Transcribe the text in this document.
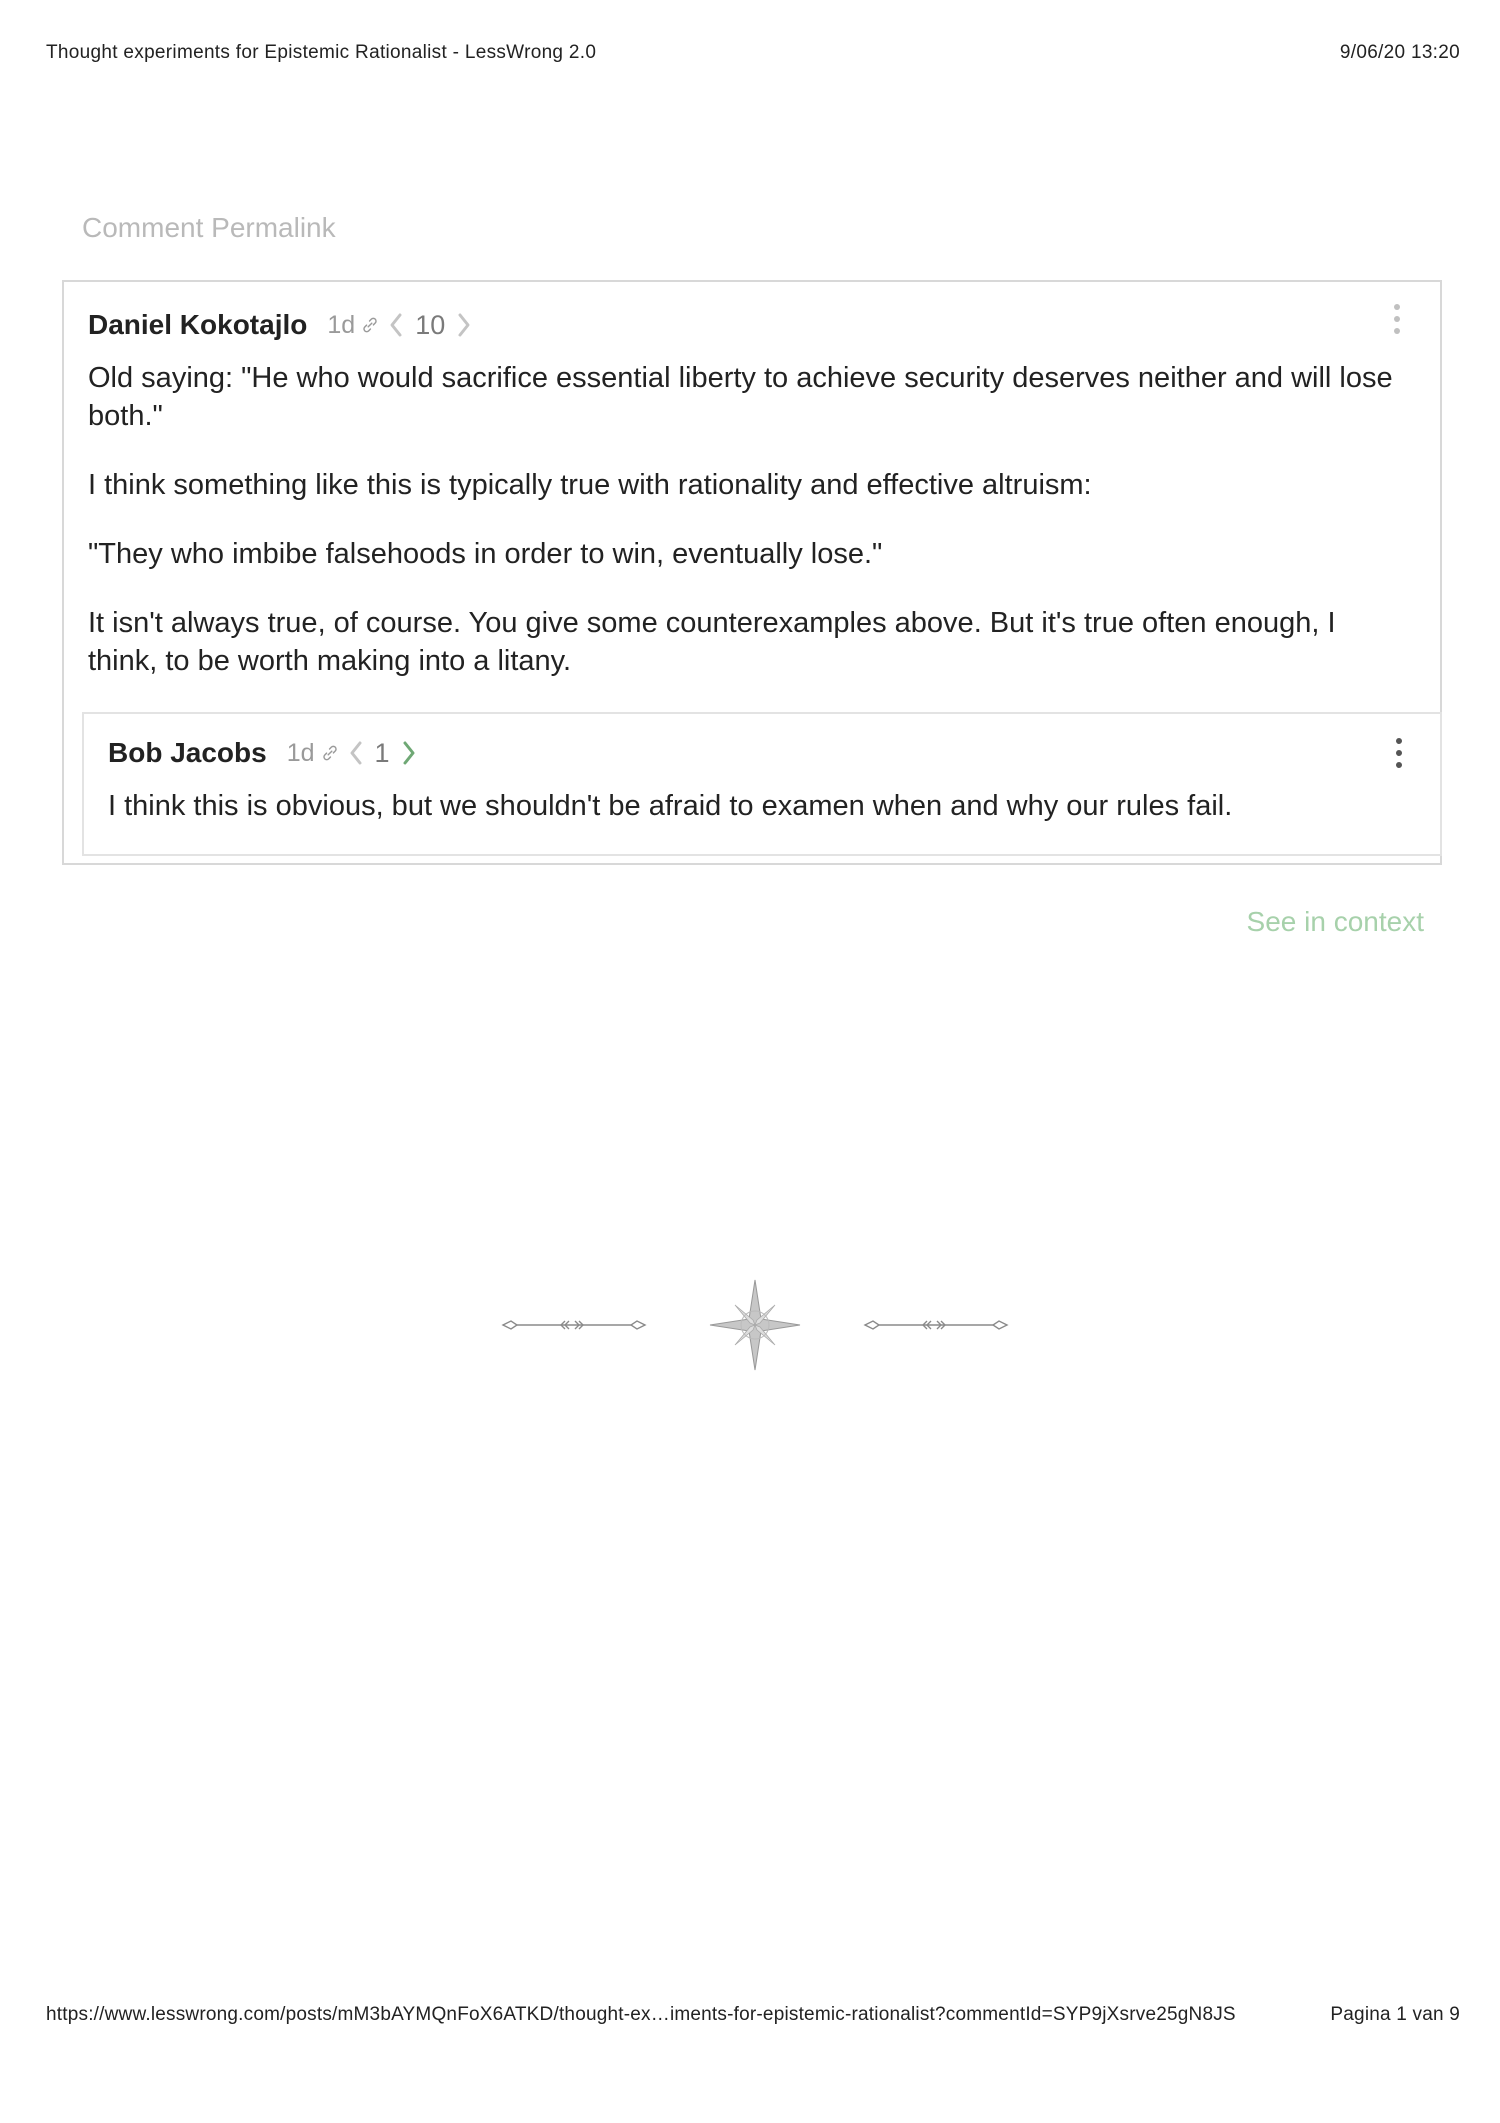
Thought experiments for Epistemic Rationalist - LessWrong 2.0	9/06/20 13:20
Comment Permalink
Daniel Kokotajlo 1d 10

Old saying: "He who would sacrifice essential liberty to achieve security deserves neither and will lose both."

I think something like this is typically true with rationality and effective altruism:

"They who imbibe falsehoods in order to win, eventually lose."

It isn't always true, of course. You give some counterexamples above. But it's true often enough, I think, to be worth making into a litany.

Bob Jacobs 1d 1

I think this is obvious, but we shouldn't be afraid to examen when and why our rules fail.

See in context
https://www.lesswrong.com/posts/mM3bAYMQnFoX6ATKD/thought-ex…iments-for-epistemic-rationalist?commentId=SYP9jXsrve25gN8JS	Pagina 1 van 9
